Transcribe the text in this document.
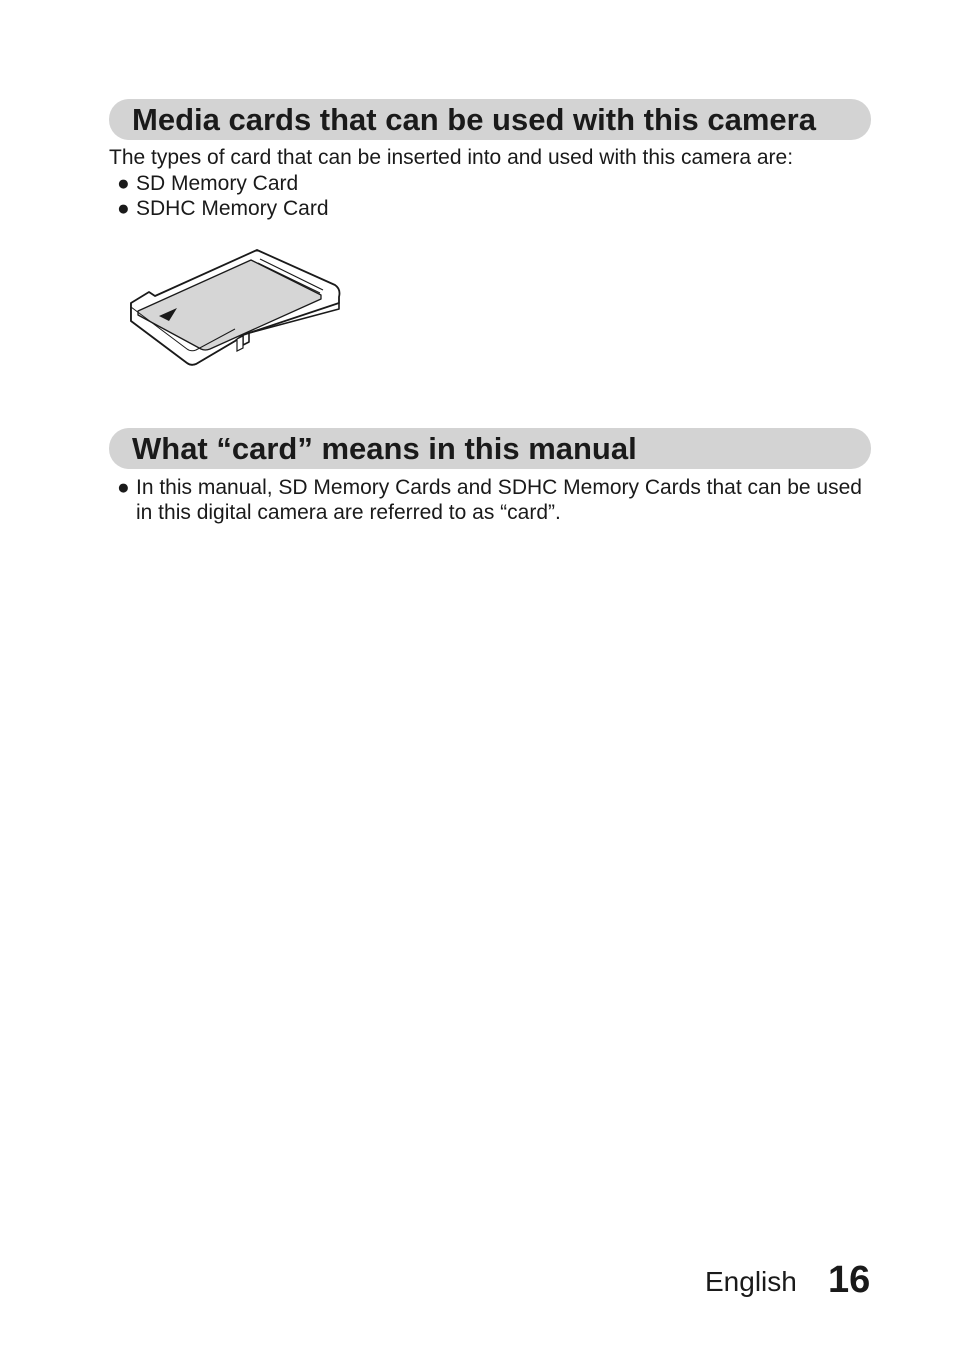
Media cards that can be used with this camera
The types of card that can be inserted into and used with this camera are:
● SD Memory Card
● SDHC Memory Card
What “card” means in this manual
● In this manual, SD Memory Cards and SDHC Memory Cards that can be used in this digital camera are referred to as “card”.
English 16
